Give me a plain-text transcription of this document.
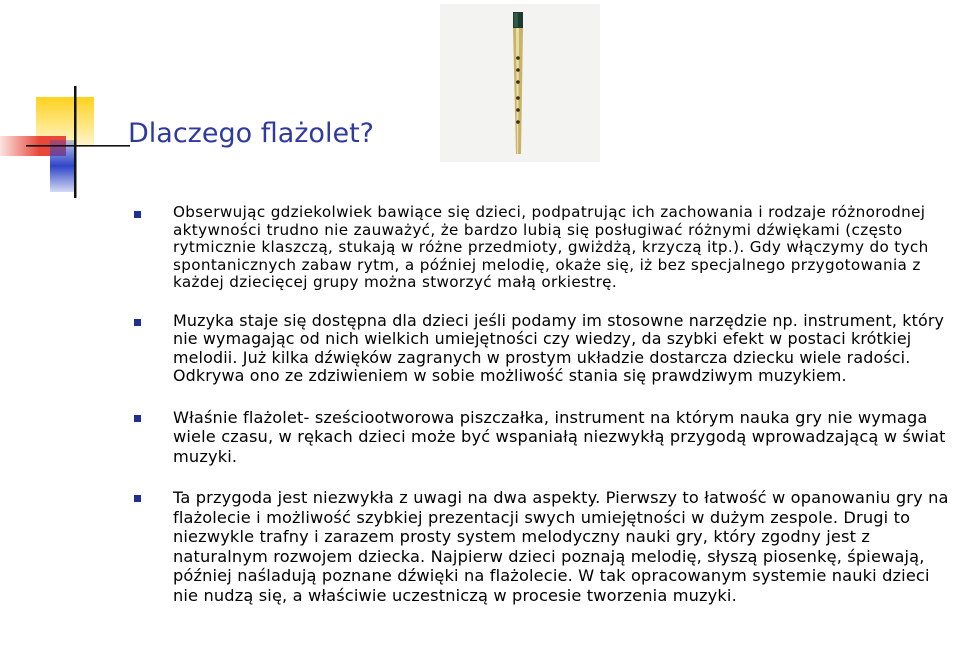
Dlaczego flażolet?
Obserwując gdziekolwiek bawiące się dzieci, podpatrując ich zachowania i rodzaje różnorodnej aktywności trudno nie zauważyć, że bardzo lubią się posługiwać różnymi dźwiękami (często rytmicznie klaszczą, stukają w różne przedmioty, gwiżdżą, krzyczą itp.). Gdy włączymy do tych spontanicznych zabaw rytm, a później melodię, okaże się, iż bez specjalnego przygotowania z każdej dziecięcej grupy można stworzyć małą orkiestrę.
Muzyka staje się dostępna dla dzieci jeśli podamy im stosowne narzędzie np. instrument, który nie wymagając od nich wielkich umiejętności czy wiedzy, da szybki efekt w postaci krótkiej melodii. Już kilka dźwięków zagranych w prostym układzie dostarcza dziecku wiele radości. Odkrywa ono ze zdziwieniem w sobie możliwość stania się prawdziwym muzykiem.
Właśnie flażolet- sześciootworowa piszczałka, instrument na którym nauka gry nie wymaga wiele czasu, w rękach dzieci może być wspaniałą niezwykłą przygodą wprowadzającą w świat muzyki.
Ta przygoda jest niezwykła z uwagi na dwa aspekty. Pierwszy to łatwość w opanowaniu gry na flażolecie i możliwość szybkiej prezentacji swych umiejętności w dużym zespole. Drugi to niezwykle trafny i zarazem prosty system melodyczny nauki gry, który zgodny jest z naturalnym rozwojem dziecka. Najpierw dzieci poznają melodię, słyszą piosenkę, śpiewają, później naśladują poznane dźwięki na flażolecie. W tak opracowanym systemie nauki dzieci nie nudzą się, a właściwie uczestniczą w procesie tworzenia muzyki.
